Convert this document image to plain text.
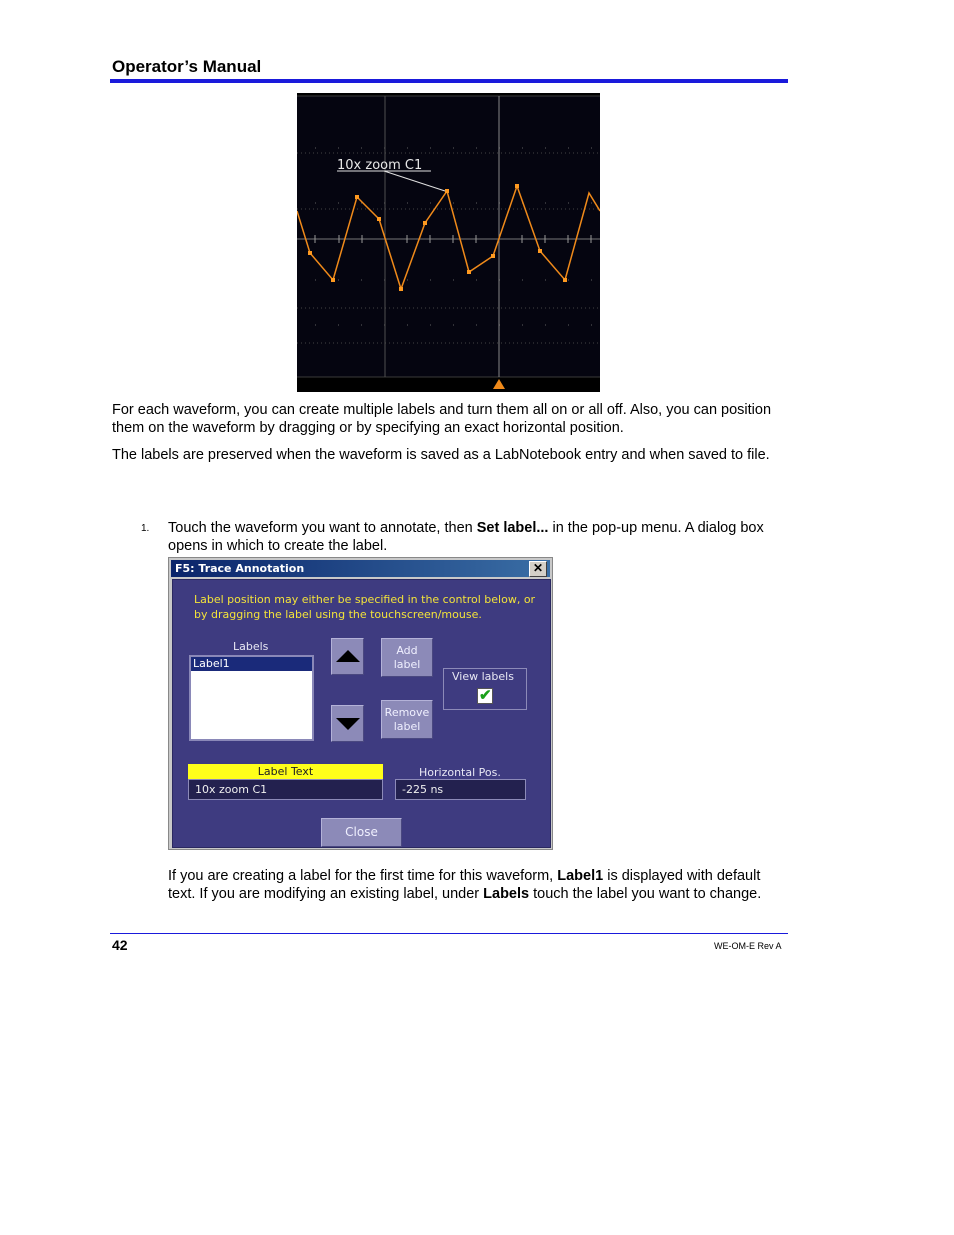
Operator’s Manual
10x zoom C1
For each waveform, you can create multiple labels and turn them all on or all off. Also, you can position them on the waveform by dragging or by specifying an exact horizontal position.
The labels are preserved when the waveform is saved as a LabNotebook entry and when saved to file.
1. Touch the waveform you want to annotate, then Set label... in the pop-up menu. A dialog box opens in which to create the label.
F5: Trace Annotation	✕
Label position may either be specified in the control below, or by dragging the label using the touchscreen/mouse.
Labels
Label1
Add label
Remove label
View labels
✔
Label Text
10x zoom C1
Horizontal Pos.
-225 ns
Close
If you are creating a label for the first time for this waveform, Label1 is displayed with default text. If you are modifying an existing label, under Labels touch the label you want to change.
42	WE-OM-E Rev A
